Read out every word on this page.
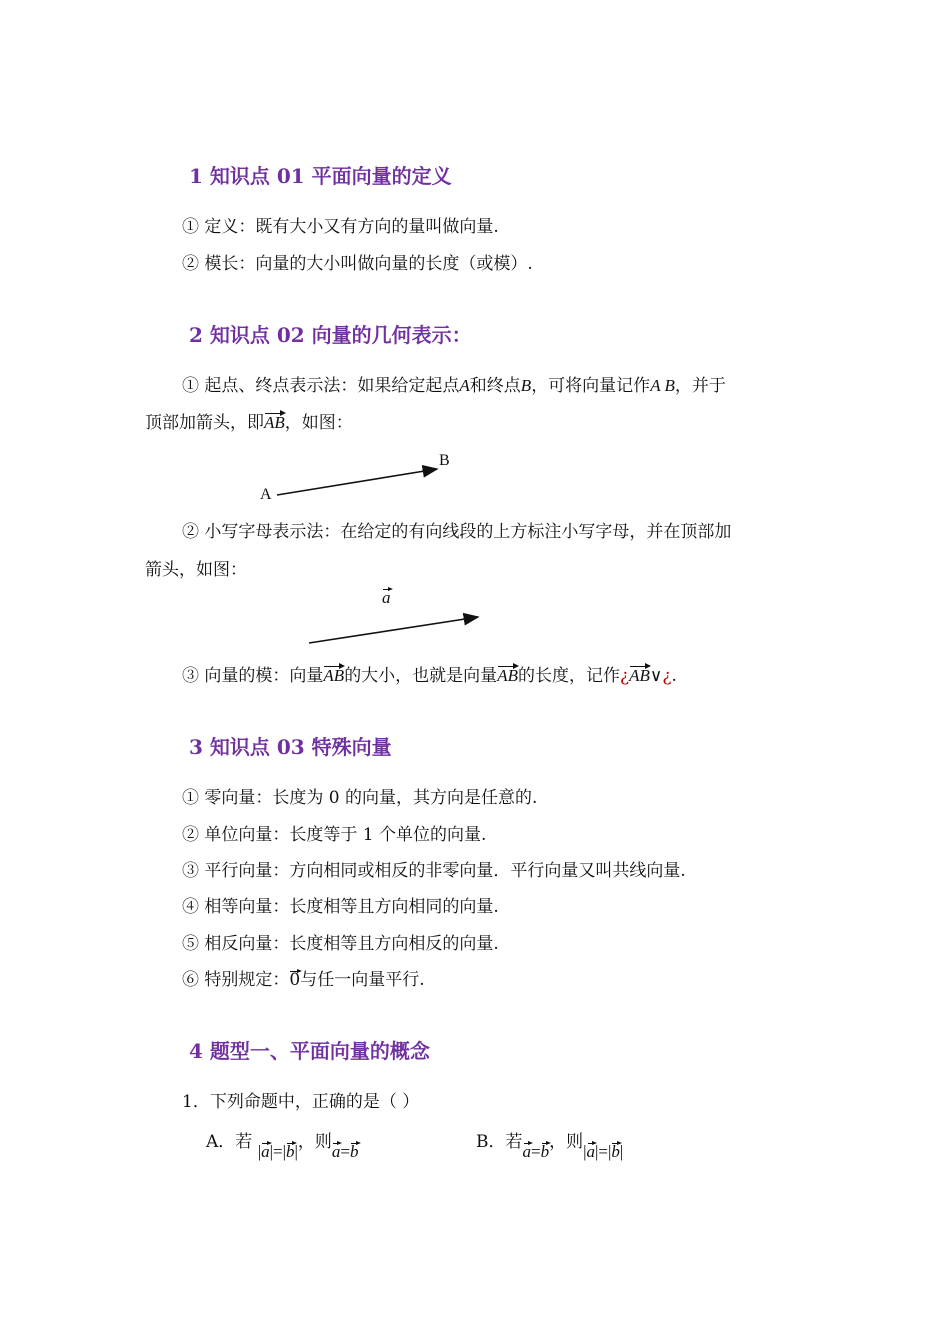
1 知识点 01 平面向量的定义
① 定义：既有大小又有方向的量叫做向量.
② 模长：向量的大小叫做向量的长度（或模）.
2 知识点 02 向量的几何表示：
① 起点、终点表示法：如果给定起点A和终点B，可将向量记作A B，并于
顶部加箭头，即AB，如图：
A
B
② 小写字母表示法：在给定的有向线段的上方标注小写字母，并在顶部加
箭头，如图：
a
③ 向量的模：向量AB的大小，也就是向量AB的长度，记作¿AB∨¿.
3 知识点 03 特殊向量
➀ 零向量：长度为 0 的向量，其方向是任意的.
➁ 单位向量：长度等于 1 个单位的向量.
➂ 平行向量：方向相同或相反的非零向量．平行向量又叫共线向量.
➃ 相等向量：长度相等且方向相同的向量.
➄ 相反向量：长度相等且方向相反的向量.
⑥ 特别规定：0与任一向量平行.
4 题型一、平面向量的概念
1．下列命题中，正确的是（ ）
A．若 |a|=|b|，则a=b	B．若a=b，则|a|=|b|
